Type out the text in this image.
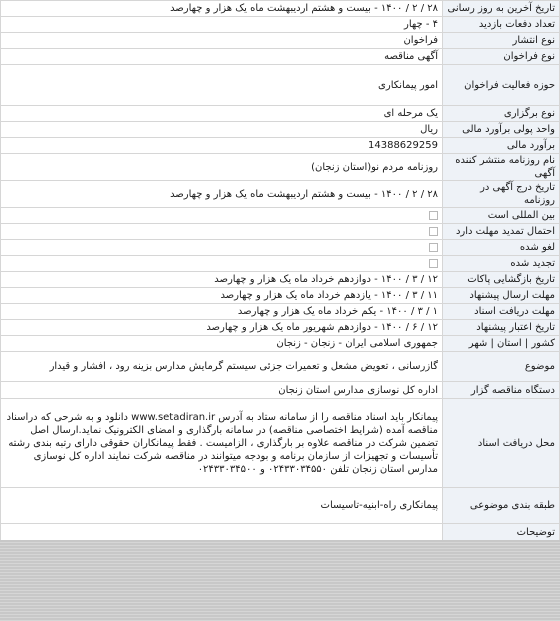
تاریخ آخرین به روز رسانی	۲۸ / ۲ / ۱۴۰۰ - بیست و هشتم اردیبهشت ماه یک هزار و چهارصد
تعداد دفعات بازدید	۴ - چهار
نوع انتشار	فراخوان
نوع فراخوان	آگهی مناقصه
حوزه فعالیت فراخوان	امور پیمانکاری
نوع برگزاری	یک مرحله ای
واحد پولی برآورد مالی	ریال
برآورد مالی	14388629259
نام روزنامه منتشر کننده آگهی	روزنامه مردم نو(استان زنجان)
تاریخ درج آگهی در روزنامه	۲۸ / ۲ / ۱۴۰۰ - بیست و هشتم اردیبهشت ماه یک هزار و چهارصد
بین المللی است	
احتمال تمدید مهلت دارد	
لغو شده	
تجدید شده	
تاریخ بازگشایی پاکات	۱۲ / ۳ / ۱۴۰۰ - دوازدهم خرداد ماه یک هزار و چهارصد
مهلت ارسال پیشنهاد	۱۱ / ۳ / ۱۴۰۰ - یازدهم خرداد ماه یک هزار و چهارصد
مهلت دریافت اسناد	۱ / ۳ / ۱۴۰۰ - یکم خرداد ماه یک هزار و چهارصد
تاریخ اعتبار پیشنهاد	۱۲ / ۶ / ۱۴۰۰ - دوازدهم شهریور ماه یک هزار و چهارصد
کشور | استان | شهر	جمهوری اسلامی ایران - زنجان - زنجان
موضوع	گازرسانی ، تعویض مشعل و تعمیرات جزئی سیستم گرمایش مدارس بزینه رود ، افشار و قیدار
دستگاه مناقصه گزار	اداره کل نوسازی مدارس استان زنجان
محل دریافت اسناد	پیمانکار باید اسناد مناقصه را از سامانه ستاد به آدرس www.setadiran.ir دانلود و به شرحی که دراسناد مناقصه آمده (شرایط اختصاصی مناقصه) در سامانه بارگذاری و امضای الکترونیک نماید.ارسال اصل تضمین شرکت در مناقصه علاوه بر بارگذاری ، الزامیست . فقط پیمانکاران حقوقی دارای رتبه بندی رشته تأسیسات و تجهیزات از سازمان برنامه و بودجه میتوانند در مناقصه شرکت نمایند اداره کل نوسازی مدارس استان زنجان تلفن ۰۲۴۳۳۰۳۴۵۵۰ و ۰۲۴۳۳۰۳۴۵۰۰
طبقه بندی موضوعی	پیمانکاری راه-ابنیه-تاسیسات
توضیحات	
